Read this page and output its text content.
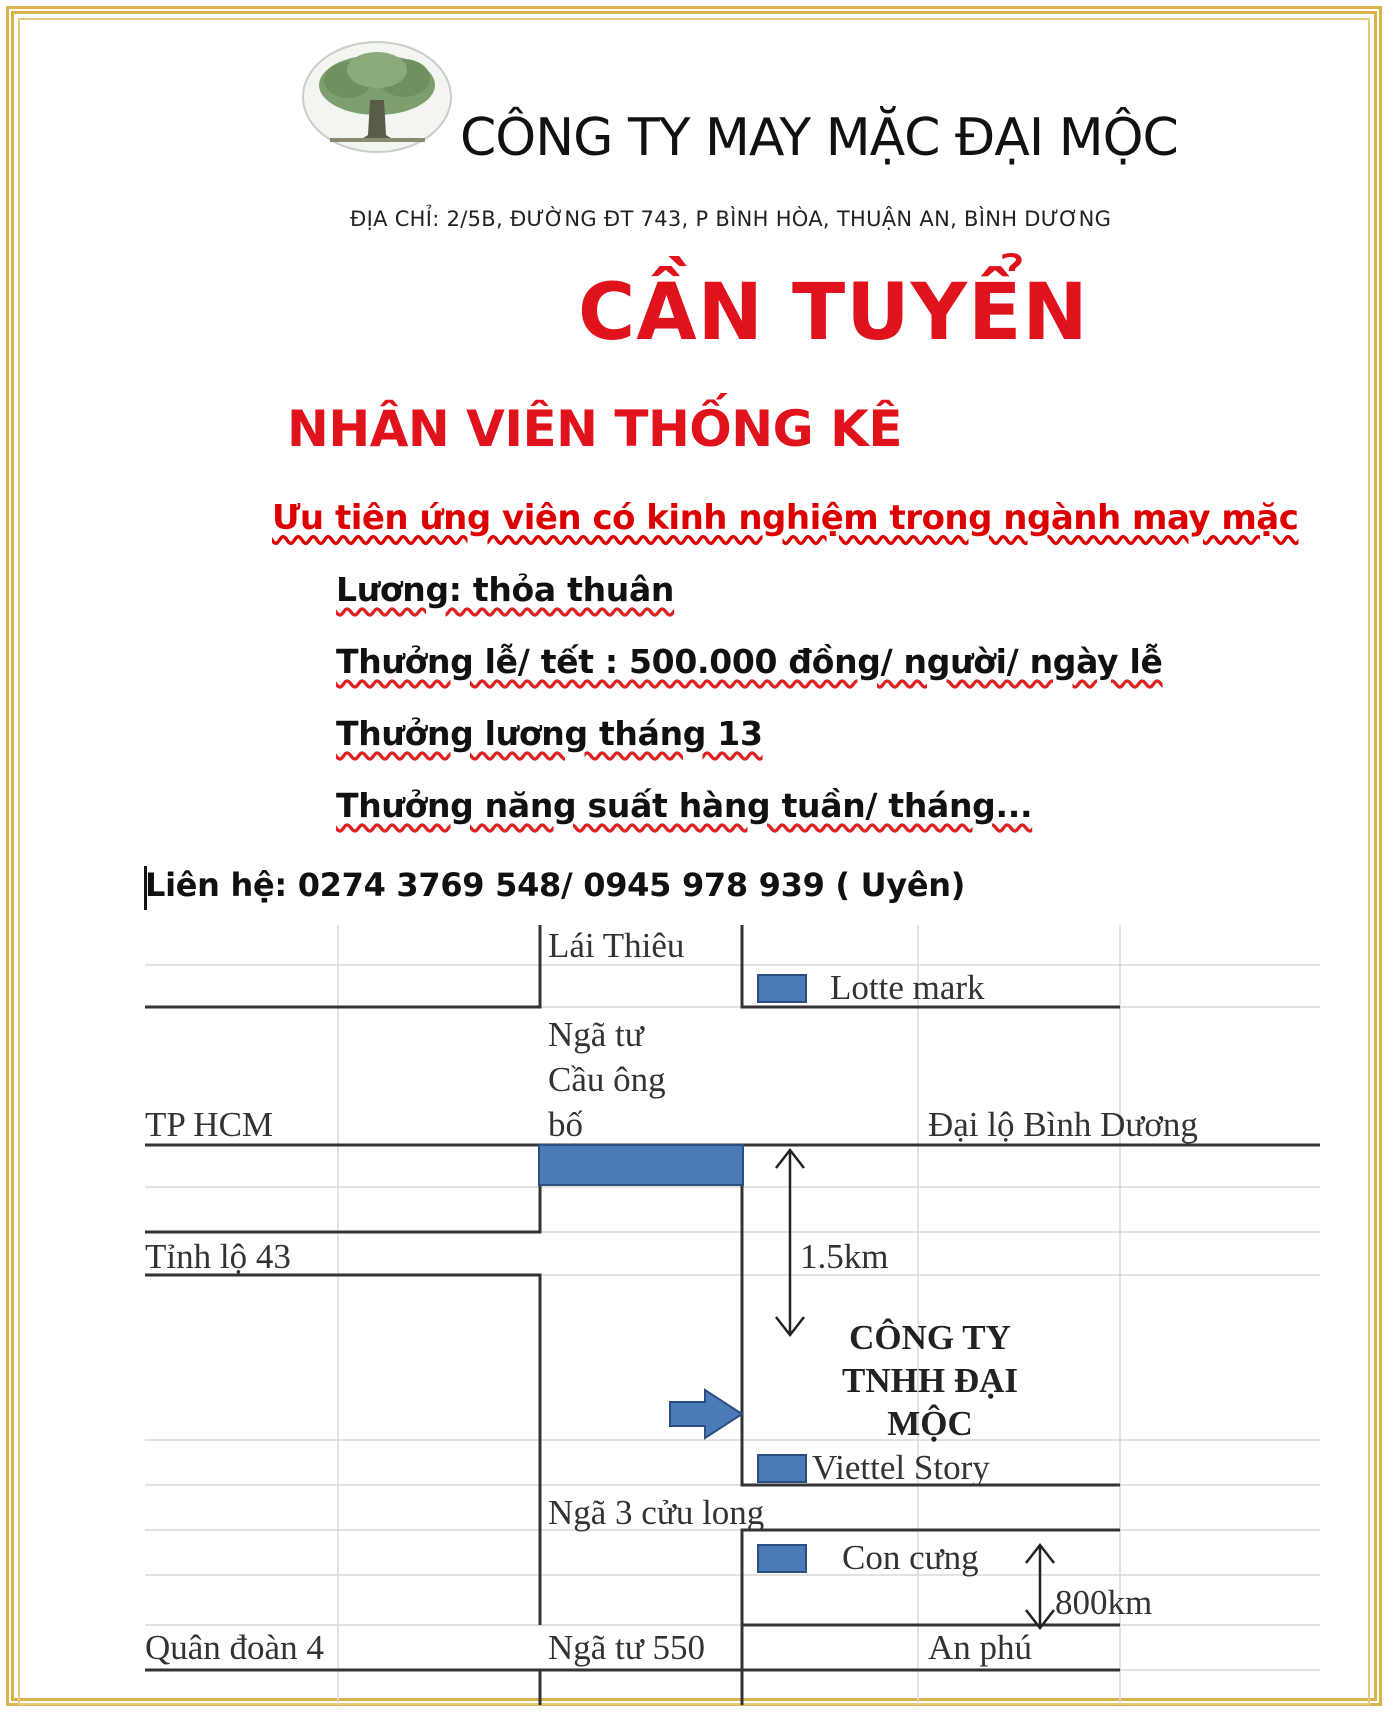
CÔNG TY MAY MẶC ĐẠI MỘC
ĐỊA CHỈ: 2/5B, ĐƯỜNG ĐT 743, P BÌNH HÒA, THUẬN AN, BÌNH DƯƠNG
CẦN TUYỂN
NHÂN VIÊN THỐNG KÊ
Ưu tiên ứng viên có kinh nghiệm trong ngành may mặc
Lương: thỏa thuân
Thưởng lễ/ tết : 500.000 đồng/ người/ ngày lễ
Thưởng lương tháng 13
Thưởng năng suất hàng tuần/ tháng...
Liên hệ: 0274 3769 548/ 0945 978 939 ( Uyên)
Lái Thiêu
Lotte mark
Ngã tư
Cầu ông
bố
TP HCM	Đại lộ Bình Dương
Tỉnh lộ 43	1.5km
CÔNG TY
TNHH ĐẠI
MỘC
Viettel Story
Ngã 3 cửu long
Con cưng
800km
Quân đoàn 4	Ngã tư 550	An phú
